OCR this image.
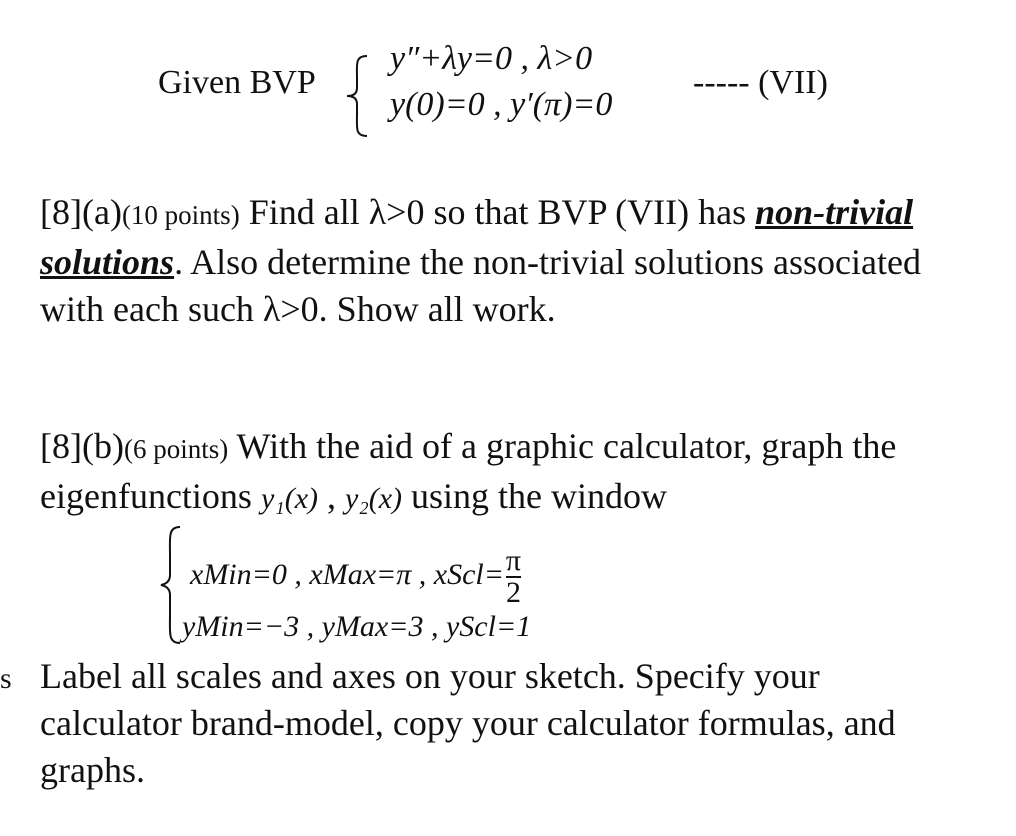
Given BVP
y″+λy=0 , λ>0
y(0)=0 , y′(π)=0
----- (VII)
[8](a)(10 points) Find all λ>0 so that BVP (VII) has non-trivial solutions. Also determine the non-trivial solutions associated with each such λ>0. Show all work.
[8](b)(6 points) With the aid of a graphic calculator, graph the eigenfunctions y₁(x) , y₂(x) using the window
xMin=0 , xMax=π , xScl= $\frac{\pi}{2}$
yMin=−3 , yMax=3 , yScl=1
Label all scales and axes on your sketch. Specify your calculator brand-model, copy your calculator formulas, and graphs.
s
